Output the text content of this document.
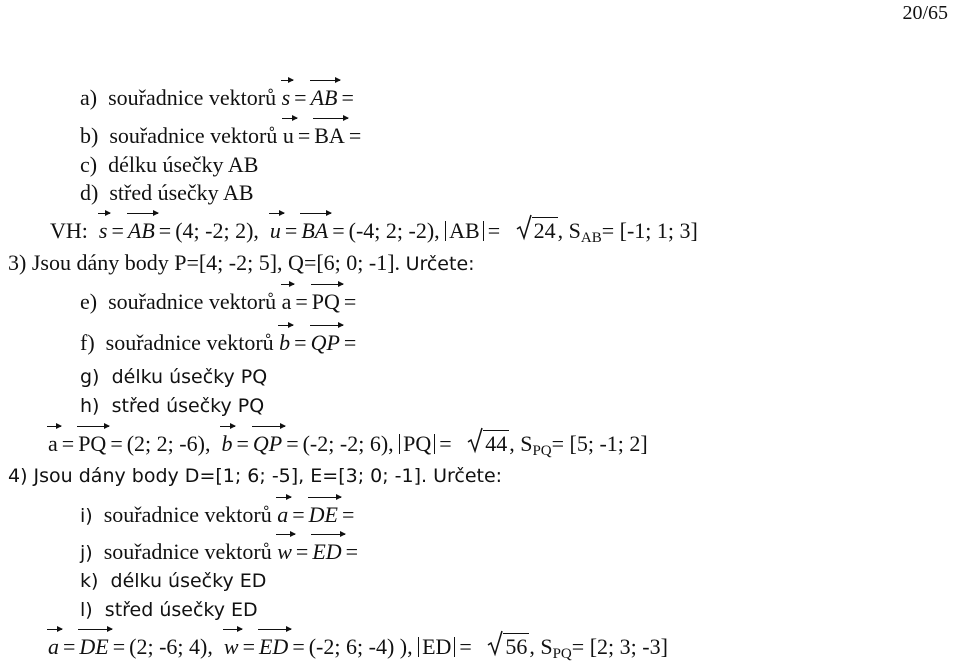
20/65
a) souřadnice vektorů s = AB =
b) souřadnice vektorů u = BA =
c) délku úsečky AB
d) střed úsečky AB
VH: s = AB = (4; -2; 2), u = BA = (-4; 2; -2), AB = 24, $S_{AB}= [-1$; 1; 3]
3) Jsou dány body P=[4; -2; 5], Q=[6; 0; -1]. Určete:
e) souřadnice vektorů a = PQ =
f) souřadnice vektorů b = QP =
g) délku úsečky PQ
h) střed úsečky PQ
a = PQ = (2; 2; -6), b = QP = (-2; -2; 6), PQ = 44, $S_{PQ}= [5$; -1; 2]
4) Jsou dány body D=[1; 6; -5], E=[3; 0; -1]. Určete:
i) souřadnice vektorů a = DE =
j) souřadnice vektorů w = ED =
k) délku úsečky ED
l) střed úsečky ED
a = DE = (2; -6; 4), w = ED = (-2; 6; -4) ), ED = 56, $S_{PQ}= [2$; 3; -3]
